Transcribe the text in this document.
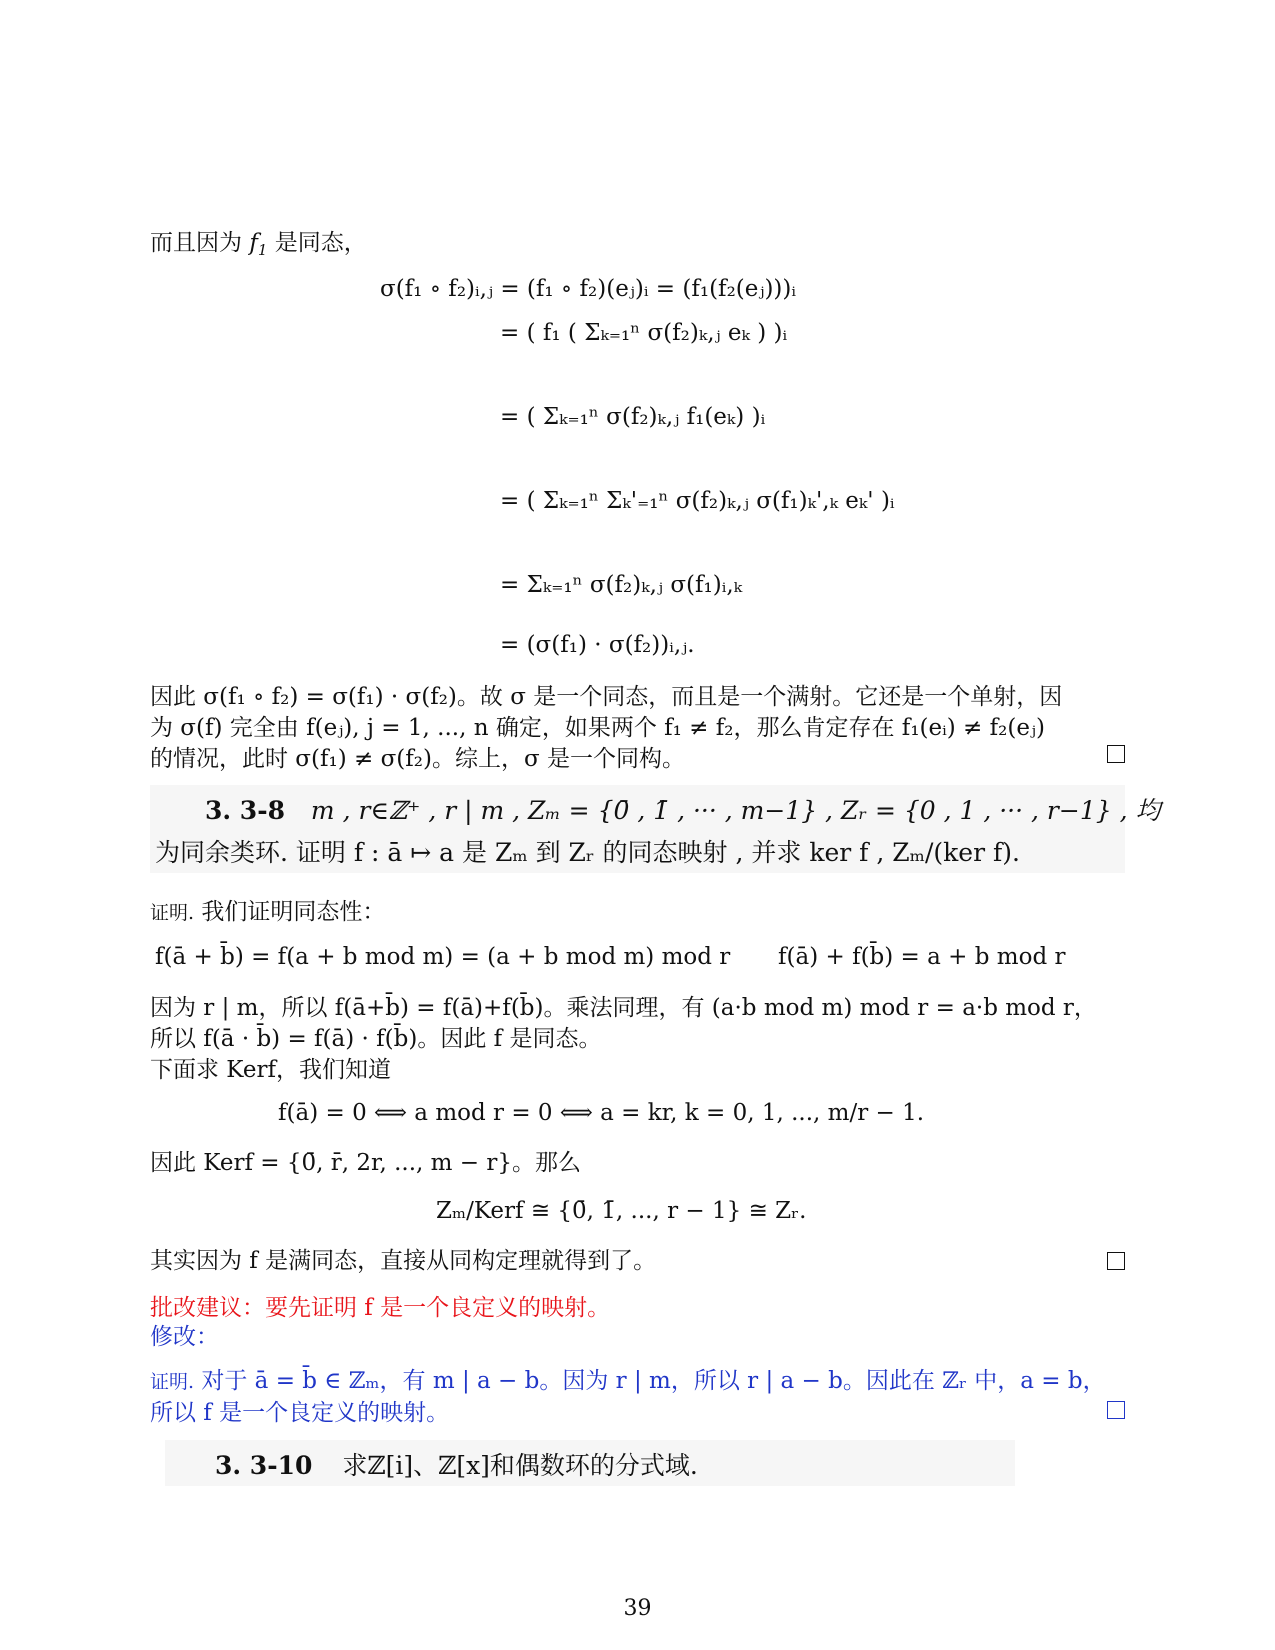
而且因为 $f_1$ 是同态，
σ(f₁ ∘ f₂)ᵢ,ⱼ = (f₁ ∘ f₂)(eⱼ)ᵢ = (f₁(f₂(eⱼ)))ᵢ
= ( f₁ ( Σₖ₌₁ⁿ σ(f₂)ₖ,ⱼ eₖ ) )ᵢ
= ( Σₖ₌₁ⁿ σ(f₂)ₖ,ⱼ f₁(eₖ) )ᵢ
= ( Σₖ₌₁ⁿ Σₖ'₌₁ⁿ σ(f₂)ₖ,ⱼ σ(f₁)ₖ',ₖ eₖ' )ᵢ
= Σₖ₌₁ⁿ σ(f₂)ₖ,ⱼ σ(f₁)ᵢ,ₖ
= (σ(f₁) · σ(f₂))ᵢ,ⱼ.
因此 σ(f₁ ∘ f₂) = σ(f₁) · σ(f₂)。故 σ 是一个同态，而且是一个满射。它还是一个单射，因
为 σ(f) 完全由 f(eⱼ), j = 1, ..., n 确定，如果两个 f₁ ≠ f₂，那么肯定存在 f₁(eᵢ) ≠ f₂(eⱼ)
的情况，此时 σ(f₁) ≠ σ(f₂)。综上，σ 是一个同构。
3. 3-8 m , r∈ℤ⁺ , r | m , Zₘ = {0̄ , 1̄ , ··· , m−1} , Zᵣ = {0 , 1 , ··· , r−1} , 均
为同余类环. 证明 f : ā ↦ a 是 Zₘ 到 Zᵣ 的同态映射 , 并求 ker f , Zₘ/(ker f).
证明. 我们证明同态性：
f(ā + b̄) = f(a + b mod m) = (a + b mod m) mod r f(ā) + f(b̄) = a + b mod r
因为 r | m，所以 f(ā+b̄) = f(ā)+f(b̄)。乘法同理，有 (a·b mod m) mod r = a·b mod r，
所以 f(ā · b̄) = f(ā) · f(b̄)。因此 f 是同态。
下面求 Kerf，我们知道
f(ā) = 0 ⟺ a mod r = 0 ⟺ a = kr, k = 0, 1, ..., m/r − 1.
因此 Kerf = {0̄, r̄, 2r, ..., m − r}。那么
Zₘ/Kerf ≅ {0̄, 1̄, ..., r − 1} ≅ Zᵣ.
其实因为 f 是满同态，直接从同构定理就得到了。
批改建议：要先证明 f 是一个良定义的映射。
修改：
证明. 对于 ā = b̄ ∈ ℤₘ，有 m | a − b。因为 r | m，所以 r | a − b。因此在 ℤᵣ 中，a = b，
所以 f 是一个良定义的映射。
3. 3-10 求ℤ[i]、ℤ[x]和偶数环的分式域.
39
